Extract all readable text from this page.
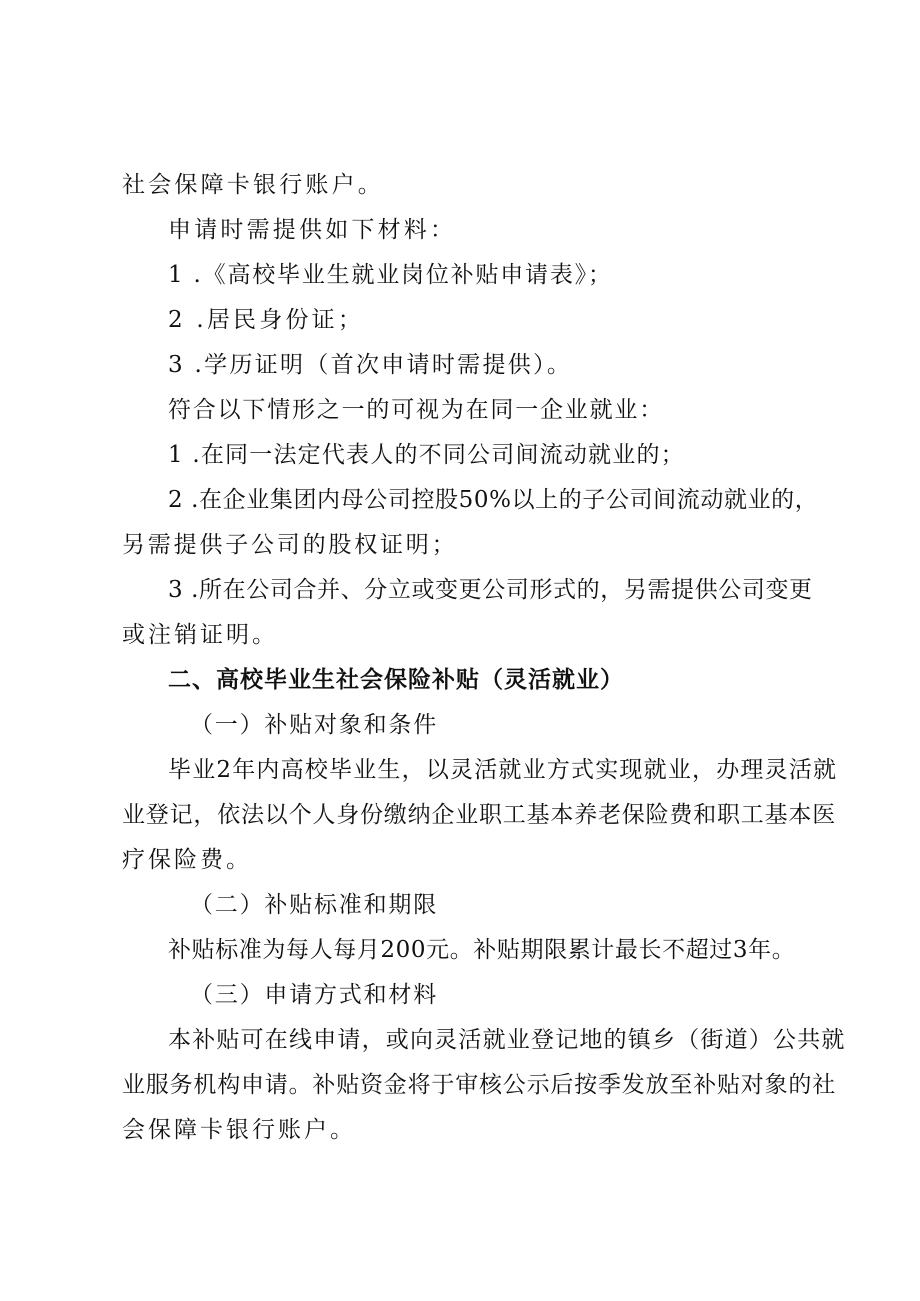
社会保障卡银行账户。
申请时需提供如下材料：
1 .《高校毕业生就业岗位补贴申请表》；
2 .居民身份证；
3 .学历证明（首次申请时需提供）。
符合以下情形之一的可视为在同一企业就业：
1 .在同一法定代表人的不同公司间流动就业的；
2 .在企业集团内母公司控股50%以上的子公司间流动就业的，
另需提供子公司的股权证明；
3 .所在公司合并、分立或变更公司形式的，另需提供公司变更
或注销证明。
二、高校毕业生社会保险补贴（灵活就业）
（一）补贴对象和条件
毕业2年内高校毕业生，以灵活就业方式实现就业，办理灵活就
业登记，依法以个人身份缴纳企业职工基本养老保险费和职工基本医
疗保险费。
（二）补贴标准和期限
补贴标准为每人每月200元。补贴期限累计最长不超过3年。
（三）申请方式和材料
本补贴可在线申请，或向灵活就业登记地的镇乡（街道）公共就
业服务机构申请。补贴资金将于审核公示后按季发放至补贴对象的社
会保障卡银行账户。
